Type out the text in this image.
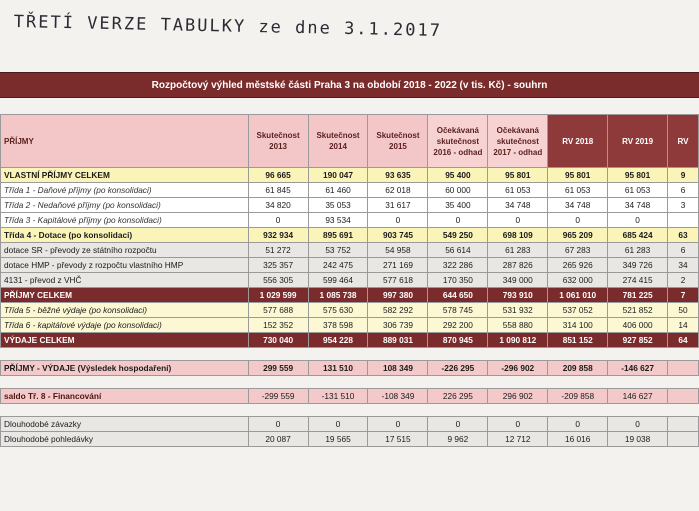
TŘETÍ VERZE TABULKY ze dne 3.1.2017
Rozpočtový výhled městské části Praha 3 na období 2018 - 2022 (v tis. Kč) - souhrn
PŘÍJMY	Skutečnost 2013	Skutečnost 2014	Skutečnost 2015	Očekávaná skutečnost 2016 - odhad	Očekávaná skutečnost 2017 - odhad	RV 2018	RV 2019	RV
VLASTNÍ PŘÍJMY CELKEM	96 665	190 047	93 635	95 400	95 801	95 801	95 801	9
Třída 1 - Daňové příjmy (po konsolidaci)	61 845	61 460	62 018	60 000	61 053	61 053	61 053	6
Třída 2 - Nedaňové příjmy (po konsolidaci)	34 820	35 053	31 617	35 400	34 748	34 748	34 748	3
Třída 3 - Kapitálové příjmy (po konsolidaci)	0	93 534	0	0	0	0	0	
Třída 4 - Dotace (po konsolidaci)	932 934	895 691	903 745	549 250	698 109	965 209	685 424	63
dotace SR - převody ze státního rozpočtu	51 272	53 752	54 958	56 614	61 283	67 283	61 283	6
dotace HMP - převody z rozpočtu vlastního HMP	325 357	242 475	271 169	322 286	287 826	265 926	349 726	34
4131 - převod z VHČ	556 305	599 464	577 618	170 350	349 000	632 000	274 415	2
PŘÍJMY CELKEM	1 029 599	1 085 738	997 380	644 650	793 910	1 061 010	781 225	7
Třída 5 - běžné výdaje (po konsolidaci)	577 688	575 630	582 292	578 745	531 932	537 052	521 852	50
Třída 6 - kapitálové výdaje (po konsolidaci)	152 352	378 598	306 739	292 200	558 880	314 100	406 000	14
VÝDAJE CELKEM	730 040	954 228	889 031	870 945	1 090 812	851 152	927 852	64

PŘÍJMY - VÝDAJE (Výsledek hospodaření)	299 559	131 510	108 349	-226 295	-296 902	209 858	-146 627	

saldo Tř. 8 - Financování	-299 559	-131 510	-108 349	226 295	296 902	-209 858	146 627	

Dlouhodobé závazky	0	0	0	0	0	0	0	
Dlouhodobé pohledávky	20 087	19 565	17 515	9 962	12 712	16 016	19 038	
